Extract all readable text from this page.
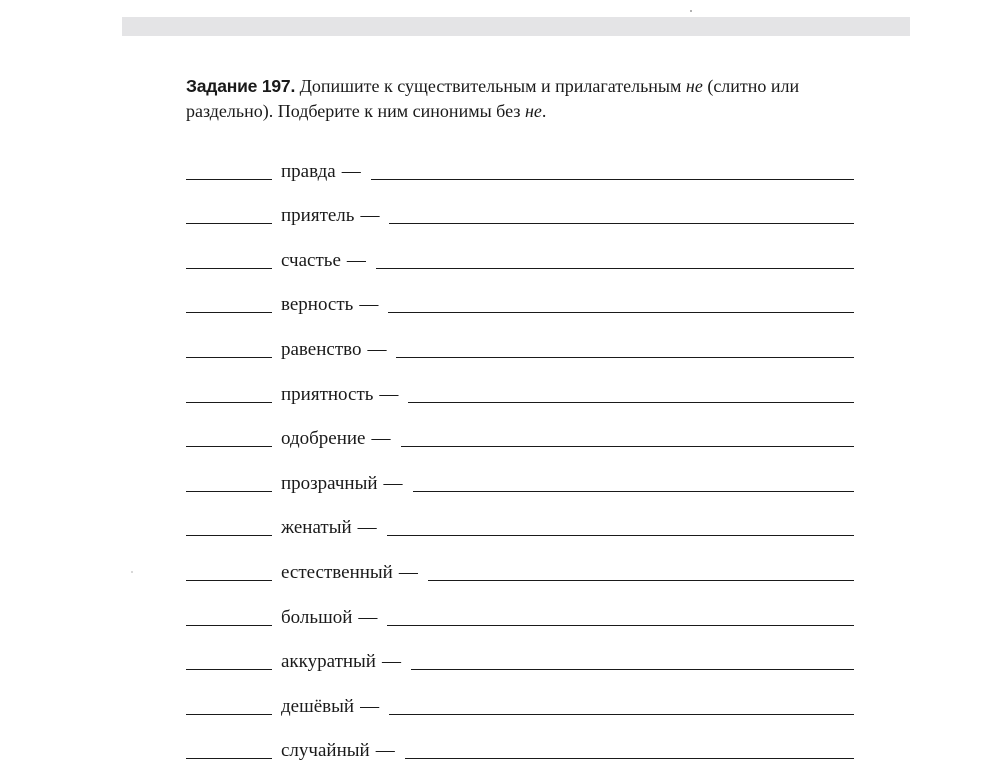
Задание 197. Допишите к существительным и прилагательным не (слитно или раздельно). Подберите к ним синонимы без не.
правда —
приятель —
счастье —
верность —
равенство —
приятность —
одобрение —
прозрачный —
женатый —
естественный —
большой —
аккуратный —
дешёвый —
случайный —
